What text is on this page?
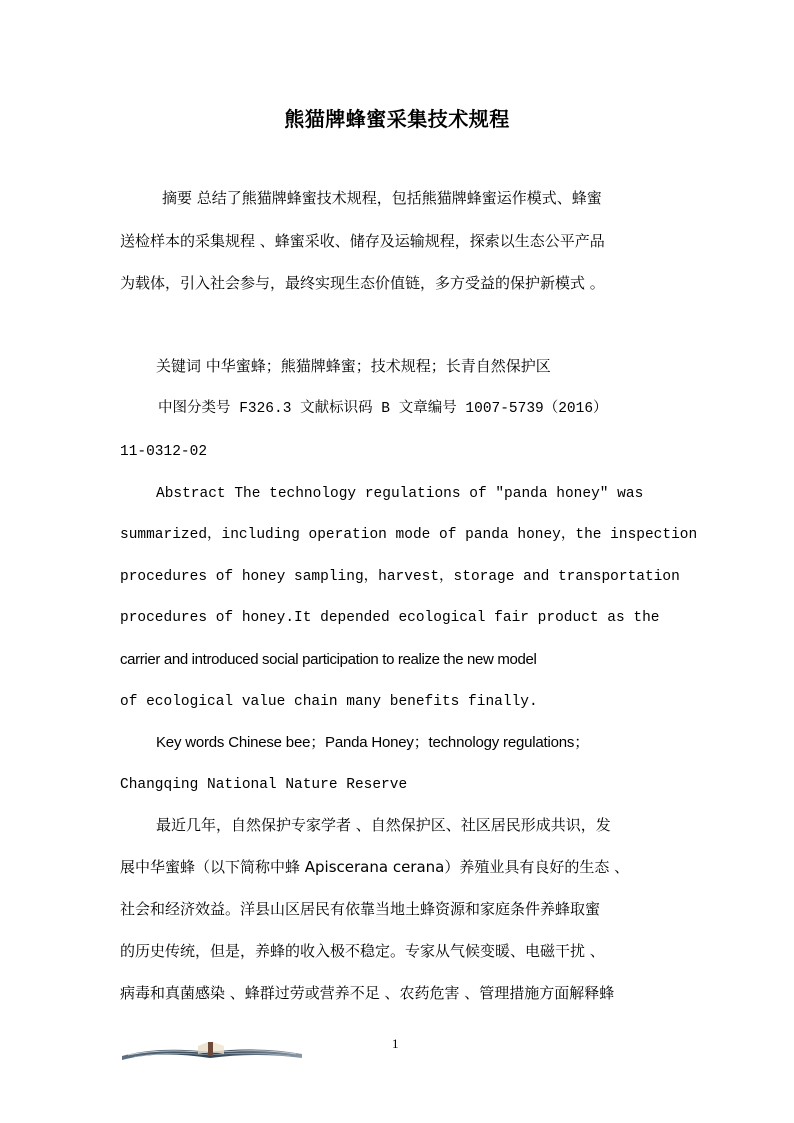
熊猫牌蜂蜜采集技术规程
摘要 总结了熊猫牌蜂蜜技术规程，包括熊猫牌蜂蜜运作模式、蜂蜜
送检样本的采集规程 、蜂蜜采收、储存及运输规程，探索以生态公平产品
为载体，引入社会参与，最终实现生态价值链，多方受益的保护新模式 。
关键词 中华蜜蜂；熊猫牌蜂蜜；技术规程；长青自然保护区
中图分类号 F326.3 文献标识码 B 文章编号 1007-5739（2016）
11-0312-02
Abstract The technology regulations of ″panda honey″ was
summarized，including operation mode of panda honey，the inspection
procedures of honey sampling，harvest，storage and transportation
procedures of honey.It depended ecological fair product as the
carrier and introduced social participation to realize the new model
of ecological value chain many benefits finally.
Key words Chinese bee；Panda Honey；technology regulations；
Changqing National Nature Reserve
最近几年，自然保护专家学者 、自然保护区、社区居民形成共识，发
展中华蜜蜂（以下简称中蜂 Apiscerana cerana）养殖业具有良好的生态 、
社会和经济效益。洋县山区居民有依靠当地土蜂资源和家庭条件养蜂取蜜
的历史传统，但是，养蜂的收入极不稳定。专家从气候变暖、电磁干扰 、
病毒和真菌感染 、蜂群过劳或营养不足 、农药危害 、管理措施方面解释蜂
1
